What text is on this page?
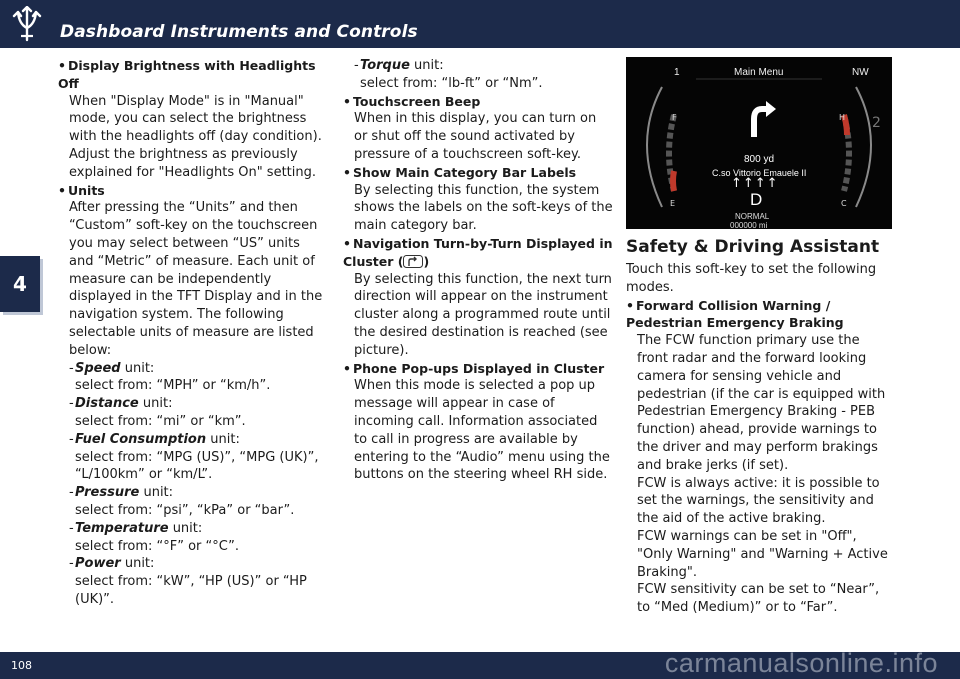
Dashboard Instruments and Controls
4
• Display Brightness with Headlights Off
When "Display Mode" is in "Manual" mode, you can select the brightness with the headlights off (day condition). Adjust the brightness as previously explained for "Headlights On" setting.
• Units
After pressing the “Units” and then “Custom” soft-key on the touchscreen you may select between “US” units and “Metric” of measure. Each unit of measure can be independently displayed in the TFT Display and in the navigation system. The following selectable units of measure are listed below:
-Speed unit:
select from: “MPH” or “km/h”.
-Distance unit:
select from: “mi” or “km”.
-Fuel Consumption unit:
select from: “MPG (US)”, “MPG (UK)”, “L/100km” or “km/L”.
-Pressure unit:
select from: “psi”, “kPa” or “bar”.
-Temperature unit:
select from: “°F” or “°C”.
-Power unit:
select from: “kW”, “HP (US)” or “HP (UK)”.
-Torque unit:
select from: “lb-ft” or “Nm”.
• Touchscreen Beep
When in this display, you can turn on or shut off the sound activated by pressure of a touchscreen soft-key.
• Show Main Category Bar Labels
By selecting this function, the system shows the labels on the soft-keys of the main category bar.
• Navigation Turn-by-Turn Displayed in Cluster ( )
By selecting this function, the next turn direction will appear on the instrument cluster along a programmed route until the desired destination is reached (see picture).
• Phone Pop-ups Displayed in Cluster
When this mode is selected a pop up message will appear in case of incoming call. Information associated to call in progress are available by entering to the “Audio” menu using the buttons on the steering wheel RH side.
1	Main Menu	NW
F
E
H
C
2
800 yd
C.so Vittorio Emauele II
↑↑↑↑
D
NORMAL
000000 mi
Safety & Driving Assistant
Touch this soft-key to set the following modes.
• Forward Collision Warning / Pedestrian Emergency Braking
The FCW function primary use the front radar and the forward looking camera for sensing vehicle and pedestrian (if the car is equipped with Pedestrian Emergency Braking - PEB function) ahead, provide warnings to the driver and may perform brakings and brake jerks (if set).
FCW is always active: it is possible to set the warnings, the sensitivity and the aid of the active braking.
FCW warnings can be set in "Off", "Only Warning" and "Warning + Active Braking".
FCW sensitivity can be set to “Near”, to “Med (Medium)” or to “Far”.
108	carmanualsonline.info
